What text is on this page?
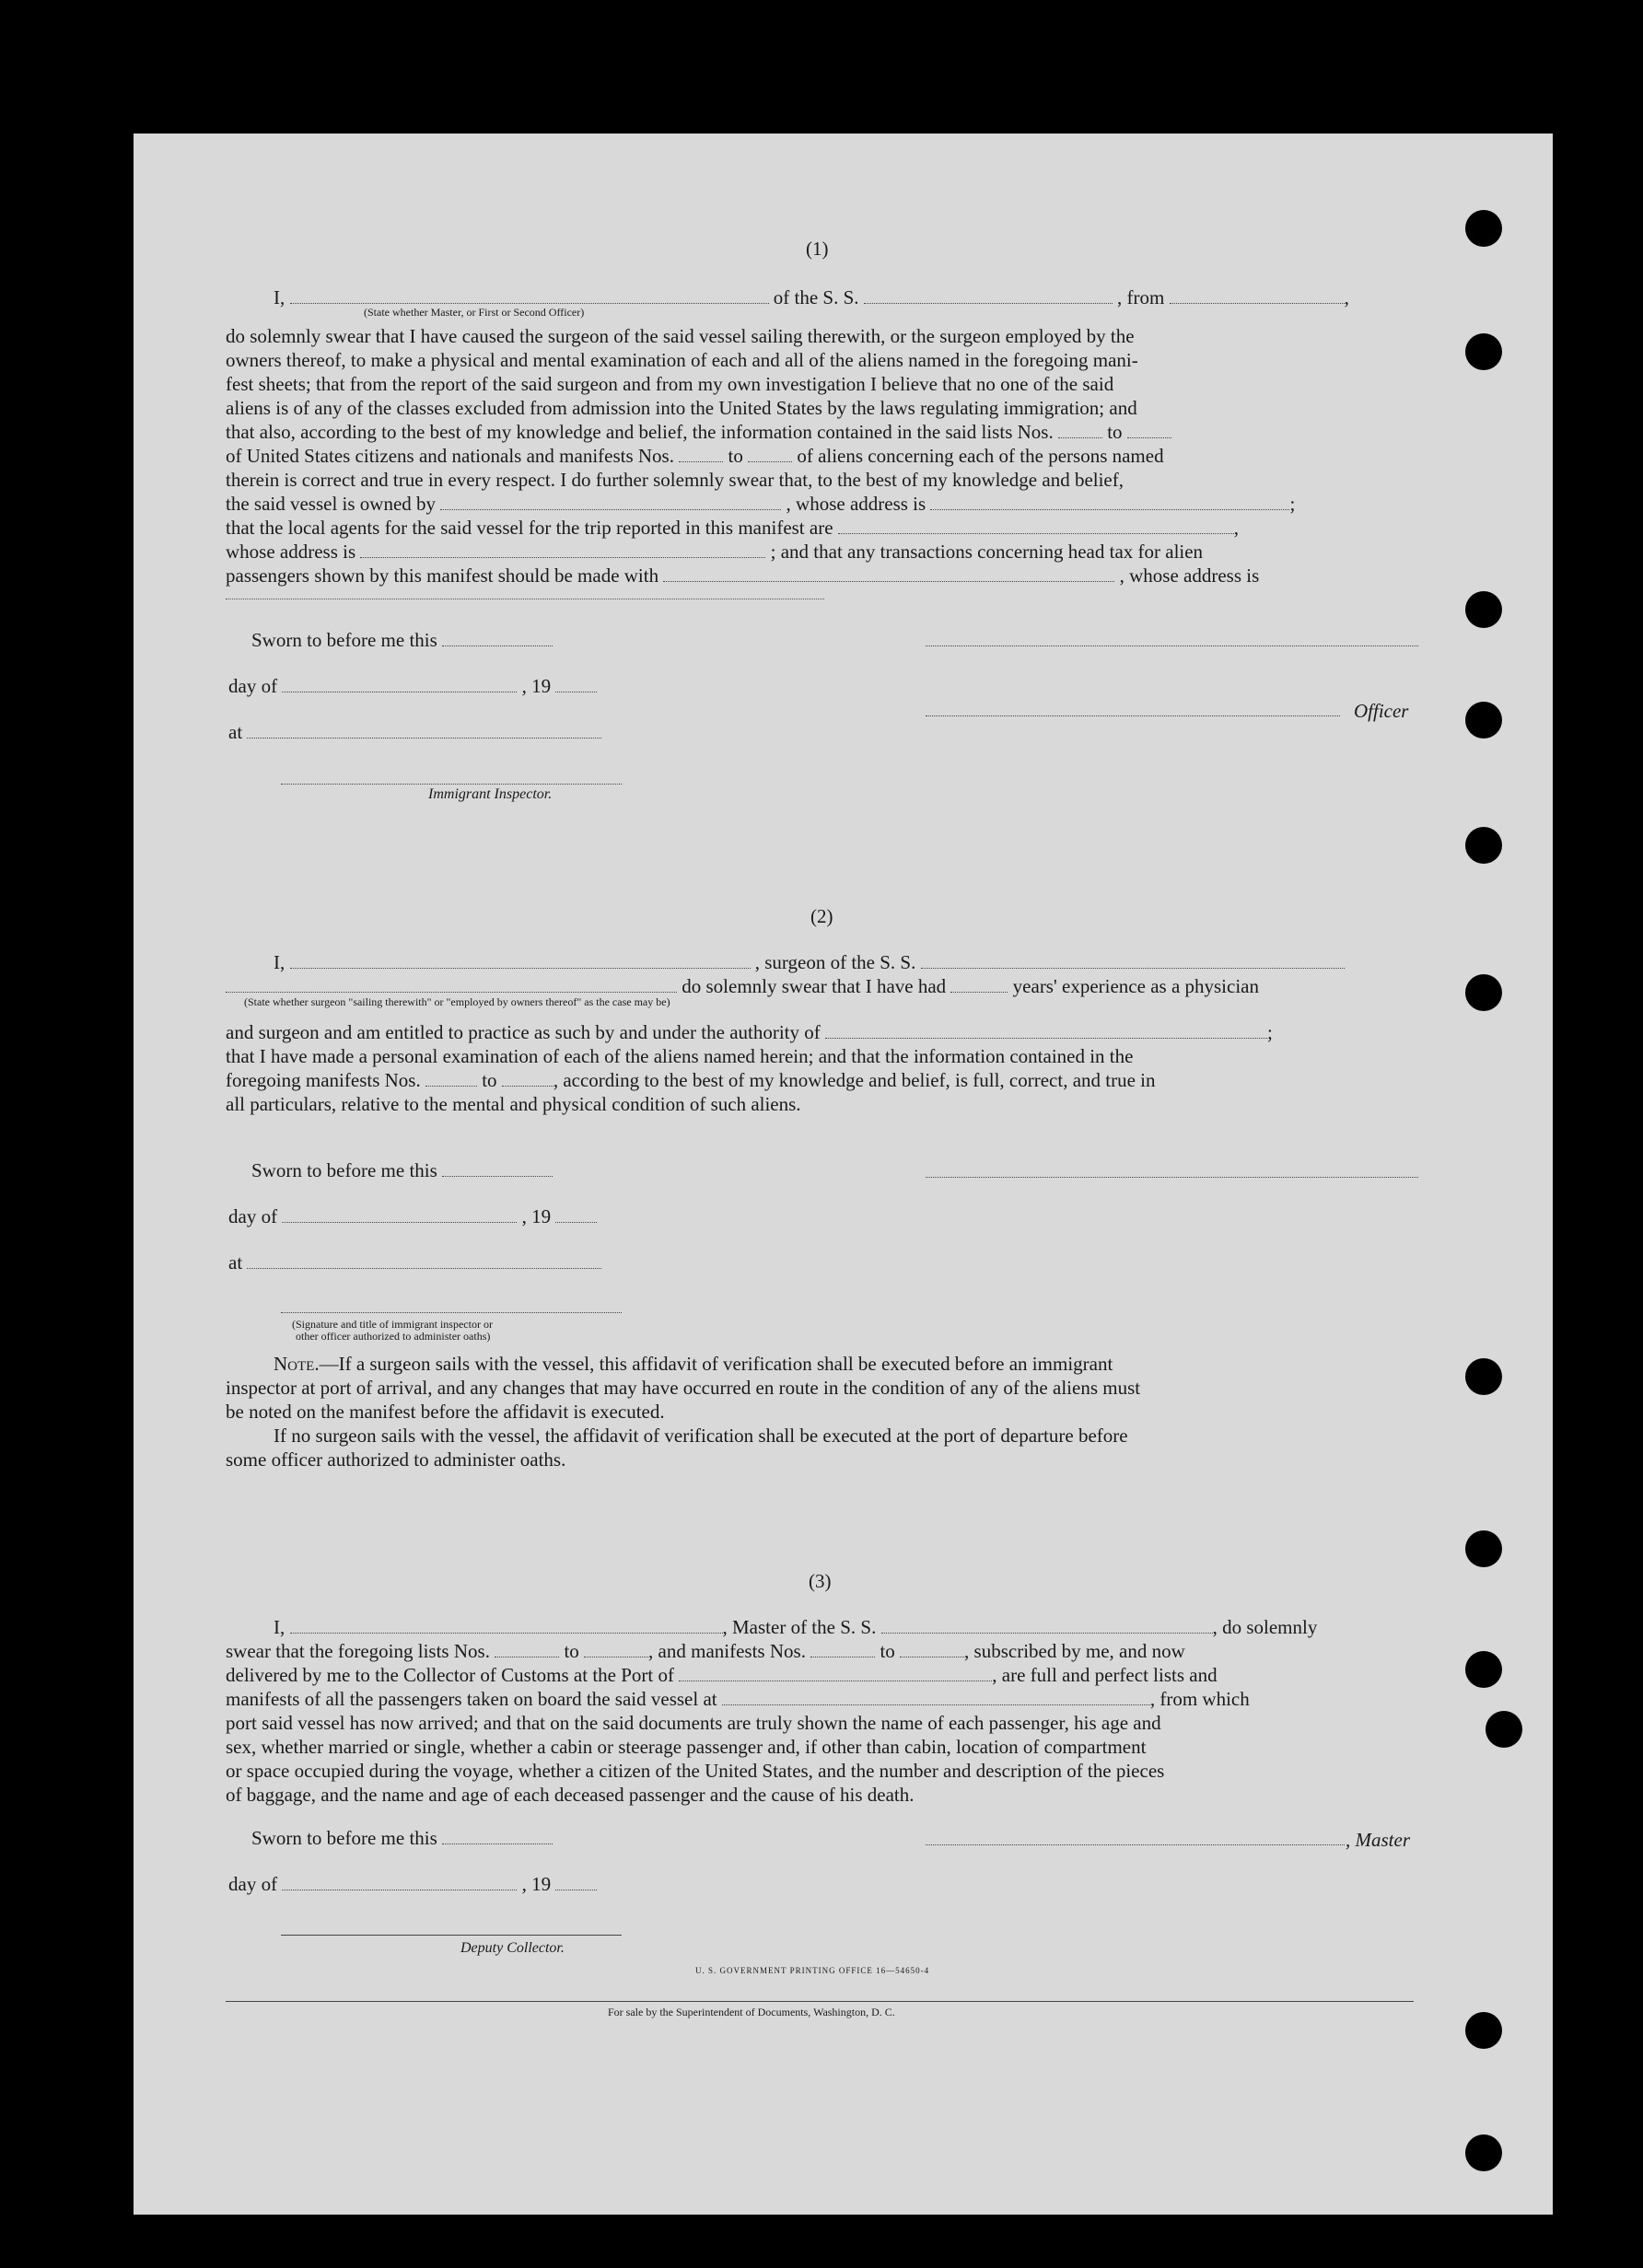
(1)
I,	of the S. S.	, from	,
(State whether Master, or First or Second Officer)
do solemnly swear that I have caused the surgeon of the said vessel sailing therewith, or the surgeon employed by the
owners thereof, to make a physical and mental examination of each and all of the aliens named in the foregoing mani-
fest sheets; that from the report of the said surgeon and from my own investigation I believe that no one of the said
aliens is of any of the classes excluded from admission into the United States by the laws regulating immigration; and
that also, according to the best of my knowledge and belief, the information contained in the said lists Nos.	to
of United States citizens and nationals and manifests Nos.	to	of aliens concerning each of the persons named
therein is correct and true in every respect. I do further solemnly swear that, to the best of my knowledge and belief,
the said vessel is owned by	, whose address is	;
that the local agents for the said vessel for the trip reported in this manifest are	,
whose address is	; and that any transactions concerning head tax for alien
passengers shown by this manifest should be made with	, whose address is
Sworn to before me this
day of	, 19
Officer
at
Immigrant Inspector.
(2)
I,	, surgeon of the S. S.
do solemnly swear that I have had	years' experience as a physician
(State whether surgeon "sailing therewith" or "employed by owners thereof" as the case may be)
and surgeon and am entitled to practice as such by and under the authority of	;
that I have made a personal examination of each of the aliens named herein; and that the information contained in the
foregoing manifests Nos.	to	, according to the best of my knowledge and belief, is full, correct, and true in
all particulars, relative to the mental and physical condition of such aliens.
Sworn to before me this
day of	, 19
at
(Signature and title of immigrant inspector or
other officer authorized to administer oaths)
Note.—If a surgeon sails with the vessel, this affidavit of verification shall be executed before an immigrant
inspector at port of arrival, and any changes that may have occurred en route in the condition of any of the aliens must
be noted on the manifest before the affidavit is executed.
If no surgeon sails with the vessel, the affidavit of verification shall be executed at the port of departure before
some officer authorized to administer oaths.
(3)
I,	, Master of the S. S.	, do solemnly
swear that the foregoing lists Nos.	to	, and manifests Nos.	to	, subscribed by me, and now
delivered by me to the Collector of Customs at the Port of	, are full and perfect lists and
manifests of all the passengers taken on board the said vessel at	, from which
port said vessel has now arrived; and that on the said documents are truly shown the name of each passenger, his age and
sex, whether married or single, whether a cabin or steerage passenger and, if other than cabin, location of compartment
or space occupied during the voyage, whether a citizen of the United States, and the number and description of the pieces
of baggage, and the name and age of each deceased passenger and the cause of his death.
Sworn to before me this	, Master
day of	, 19
Deputy Collector.
U. S. GOVERNMENT PRINTING OFFICE 16—54650-4
For sale by the Superintendent of Documents, Washington, D. C.
